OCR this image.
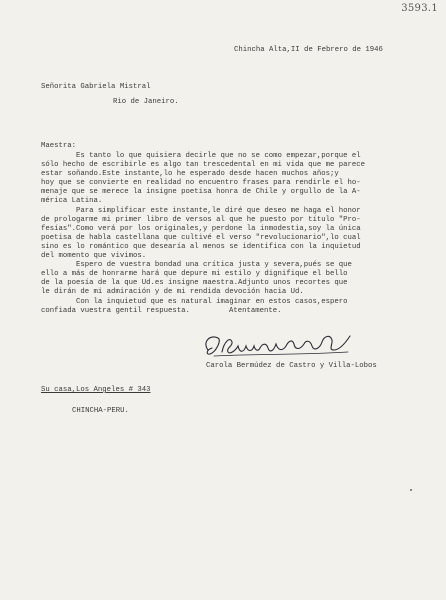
3593.1
Chincha Alta,II de Febrero de 1946
Señorita Gabriela Mistral
Rio de Janeiro.
Maestra:
Es tanto lo que quisiera decirle que no se como empezar,porque el
sólo hecho de escribirle es algo tan trescedental en mi vida que me parece
estar soñando.Este instante,lo he esperado desde hacen muchos años;y
hoy que se convierte en realidad no encuentro frases para rendirle el ho-
menaje que se merece la insigne poetisa honra de Chile y orgullo de la A-
mérica Latina.
Para simplificar este instante,le diré que deseo me haga el honor
de prologarme mi primer libro de versos al que he puesto por título "Pro-
fesías".Como verá por los originales,y perdone la inmodestia,soy la única
poetisa de habla castellana que cultivé el verso "revolucionario",lo cual
sino es lo romántico que desearía al menos se identifica con la inquietud
del momento que vivimos.
Espero de vuestra bondad una crítica justa y severa,pués se que
ello a más de honrarme hará que depure mi estilo y dignifique el bello
de la poesía de la que Ud.es insigne maestra.Adjunto unos recortes que
le dirán de mi admiración y de mi rendida devoción hacia Ud.
Con la inquietud que es natural imaginar en estos casos,espero
confiada vuestra gentil respuesta.	Atentamente.
Carola Bermúdez de Castro y Villa-Lobos
Su casa,Los Angeles # 343
CHINCHA-PERU.
